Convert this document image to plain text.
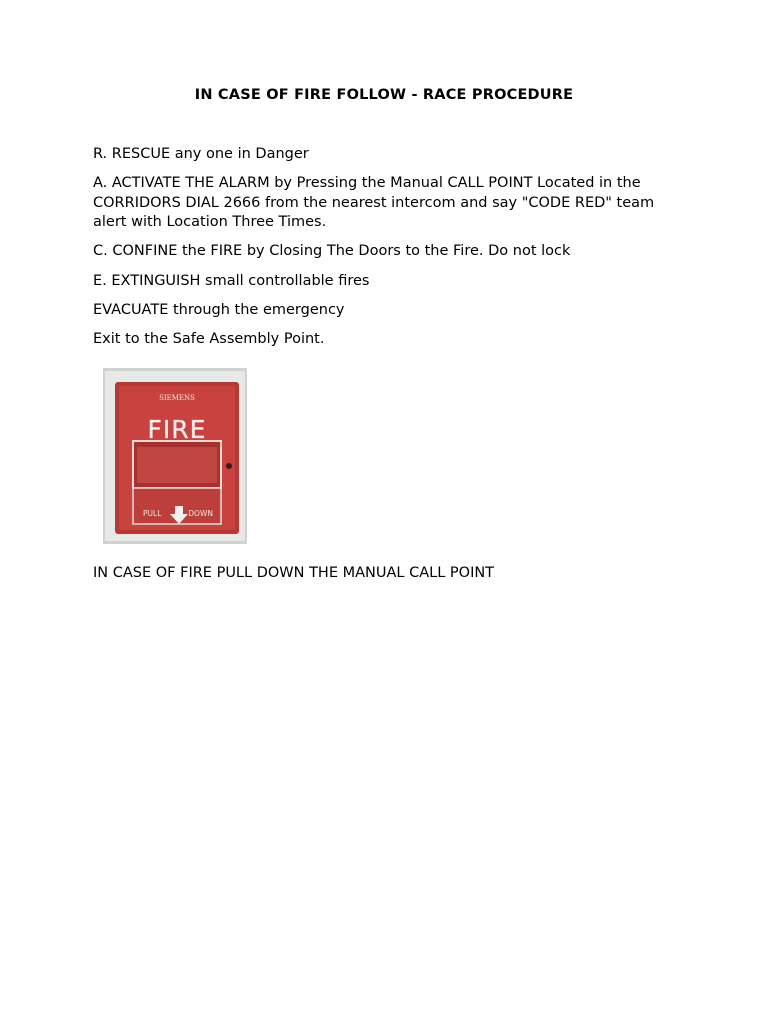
IN CASE OF FIRE FOLLOW - RACE PROCEDURE
R. RESCUE any one in Danger
A. ACTIVATE THE ALARM by Pressing the Manual CALL POINT Located in the CORRIDORS DIAL 2666 from the nearest intercom and say "CODE RED" team alert with Location Three Times.
C. CONFINE the FIRE by Closing The Doors to the Fire. Do not lock
E. EXTINGUISH small controllable fires
EVACUATE through the emergency
Exit to the Safe Assembly Point.
SIEMENS
FIRE
PULL	DOWN
IN CASE OF FIRE PULL DOWN THE MANUAL CALL POINT
